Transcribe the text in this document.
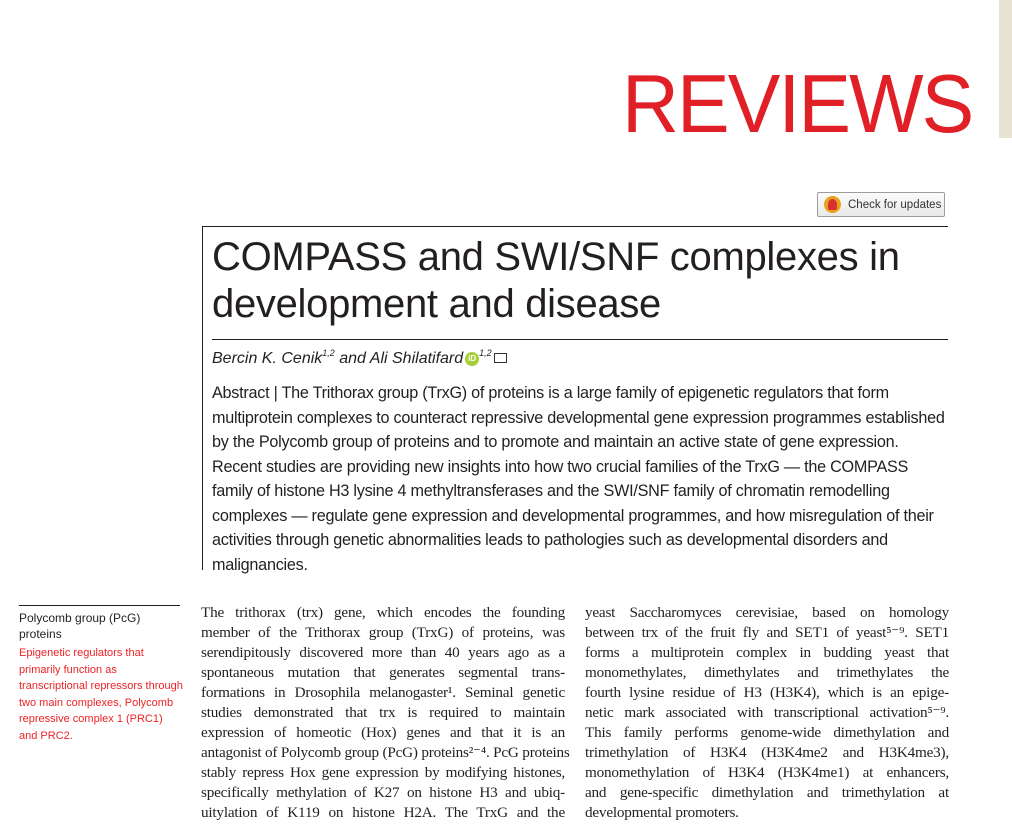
REVIEWS
Check for updates
COMPASS and SWI/SNF complexes in development and disease
Bercin K. Cenik$^{1,2}$ and Ali Shilatifard iD$^{1,2}$

Abstract | The Trithorax group (TrxG) of proteins is a large family of epigenetic regulators that form multiprotein complexes to counteract repressive developmental gene expression programmes established by the Polycomb group of proteins and to promote and maintain an active state of gene expression. Recent studies are providing new insights into how two crucial families of the TrxG — the COMPASS family of histone H3 lysine 4 methyltransferases and the SWI/SNF family of chromatin remodelling complexes — regulate gene expression and developmental programmes, and how misregulation of their activities through genetic abnormalities leads to pathologies such as developmental disorders and malignancies.

Polycomb group (PcG) proteins

Epigenetic regulators that primarily function as transcriptional repressors through two main complexes, Polycomb repressive complex 1 (PRC1) and PRC2.

The trithorax (trx) gene, which encodes the founding
member of the Trithorax group (TrxG) of proteins, was
serendipitously discovered more than 40 years ago as a
spontaneous mutation that generates segmental trans-
formations in Drosophila melanogaster¹. Seminal genetic
studies demonstrated that trx is required to maintain
expression of homeotic (Hox) genes and that it is an
antagonist of Polycomb group (PcG) proteins²⁻⁴. PcG proteins
stably repress Hox gene expression by modifying histones,
specifically methylation of K27 on histone H3 and ubiq-
uitylation of K119 on histone H2A. The TrxG and the
yeast Saccharomyces cerevisiae, based on homology
between trx of the fruit fly and SET1 of yeast⁵⁻⁹. SET1
forms a multiprotein complex in budding yeast that
monomethylates, dimethylates and trimethylates the
fourth lysine residue of H3 (H3K4), which is an epige-
netic mark associated with transcriptional activation⁵⁻⁹.
This family performs genome-wide dimethylation and
trimethylation of H3K4 (H3K4me2 and H3K4me3),
monomethylation of H3K4 (H3K4me1) at enhancers,
and gene-specific dimethylation and trimethylation at
developmental promoters.
